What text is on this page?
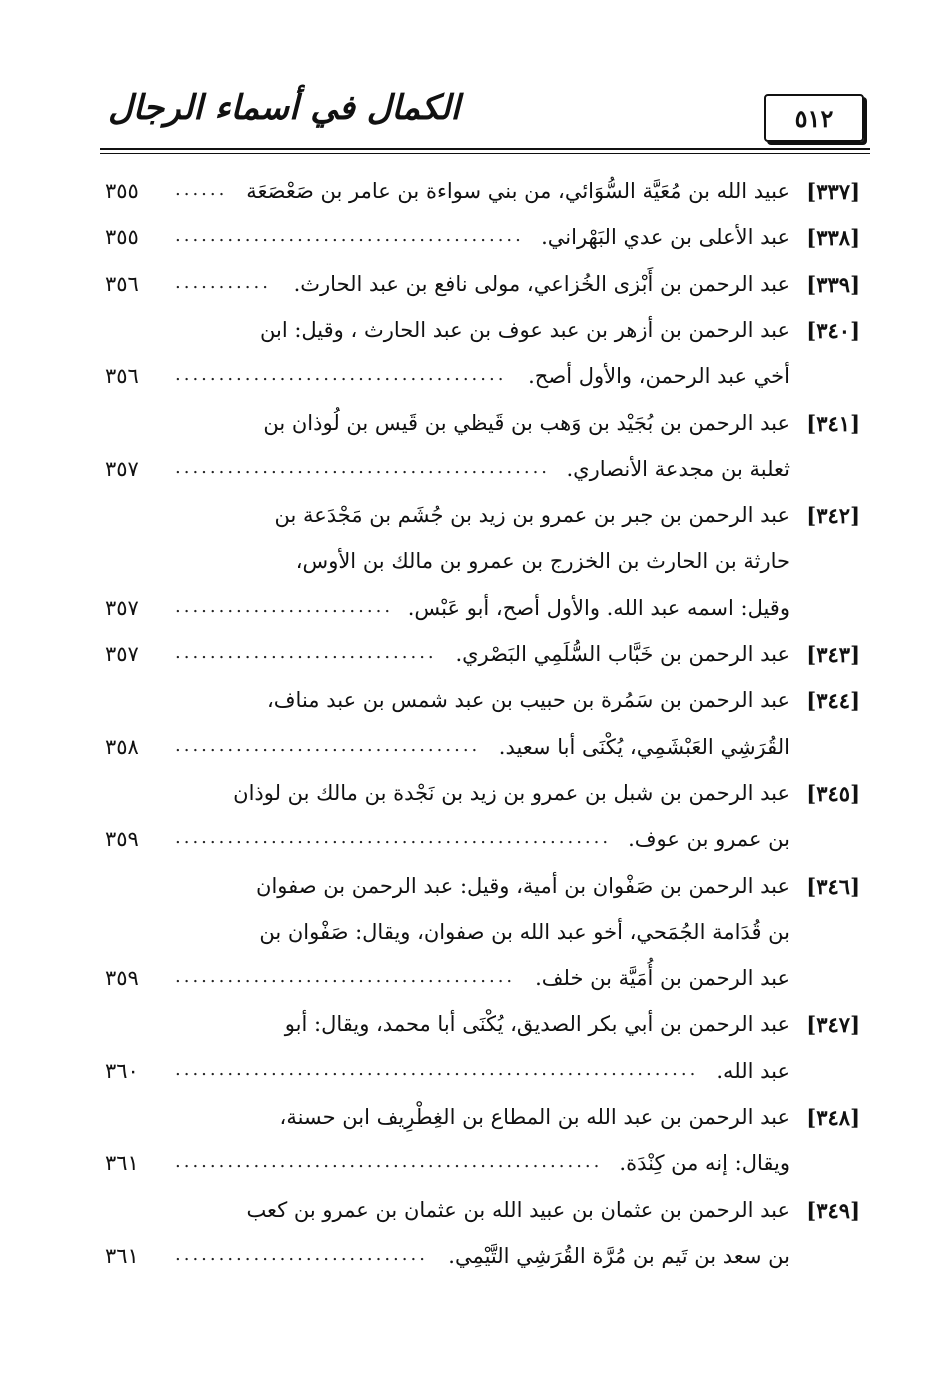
٥١٢
الكمال في أسماء الرجال
[٣٣٧]
عبيد الله بن مُعَيَّة السُّوَائي، من بني سواءة بن عامر بن صَعْصَعَة
......
٣٥٥
[٣٣٨]
عبد الأعلى بن عدي البَهْراني.
........................................
٣٥٥
[٣٣٩]
عبد الرحمن بن أَبْزى الخُزاعي، مولى نافع بن عبد الحارث.
...........
٣٥٦
[٣٤٠]
عبد الرحمن بن أزهر بن عبد عوف بن عبد الحارث ، وقيل: ابن
أخي عبد الرحمن، والأول أصح.
......................................
٣٥٦
[٣٤١]
عبد الرحمن بن بُجَيْد بن وَهب بن قَيظي بن قَيس بن لُوذان بن
ثعلبة بن مجدعة الأنصاري.
...........................................
٣٥٧
[٣٤٢]
عبد الرحمن بن جبر بن عمرو بن زيد بن جُشَم بن مَجْدَعة بن
حارثة بن الحارث بن الخزرج بن عمرو بن مالك بن الأوس،
وقيل: اسمه عبد الله. والأول أصح، أبو عَبْس.
.........................
٣٥٧
[٣٤٣]
عبد الرحمن بن خَبَّاب السُّلَمِي البَصْري.
..............................
٣٥٧
[٣٤٤]
عبد الرحمن بن سَمُرة بن حبيب بن عبد شمس بن عبد مناف،
القُرَشِي العَبْشَمِي، يُكْنَى أبا سعيد.
...................................
٣٥٨
[٣٤٥]
عبد الرحمن بن شبل بن عمرو بن زيد بن نَجْدة بن مالك بن لوذان
بن عمرو بن عوف.
..................................................
٣٥٩
[٣٤٦]
عبد الرحمن بن صَفْوان بن أمية، وقيل: عبد الرحمن بن صفوان
بن قُدَامة الجُمَحي، أخو عبد الله بن صفوان، ويقال: صَفْوان بن
عبد الرحمن بن أُمَيَّة بن خلف.
.......................................
٣٥٩
[٣٤٧]
عبد الرحمن بن أبي بكر الصديق، يُكْنَى أبا محمد، ويقال: أبو
عبد الله.
............................................................
٣٦٠
[٣٤٨]
عبد الرحمن بن عبد الله بن المطاع بن الغِطْرِيف ابن حسنة،
ويقال: إنه من كِنْدَة.
.................................................
٣٦١
[٣٤٩]
عبد الرحمن بن عثمان بن عبيد الله بن عثمان بن عمرو بن كعب
بن سعد بن تَيم بن مُرَّة القُرَشِي التَّيْمِي.
.............................
٣٦١
